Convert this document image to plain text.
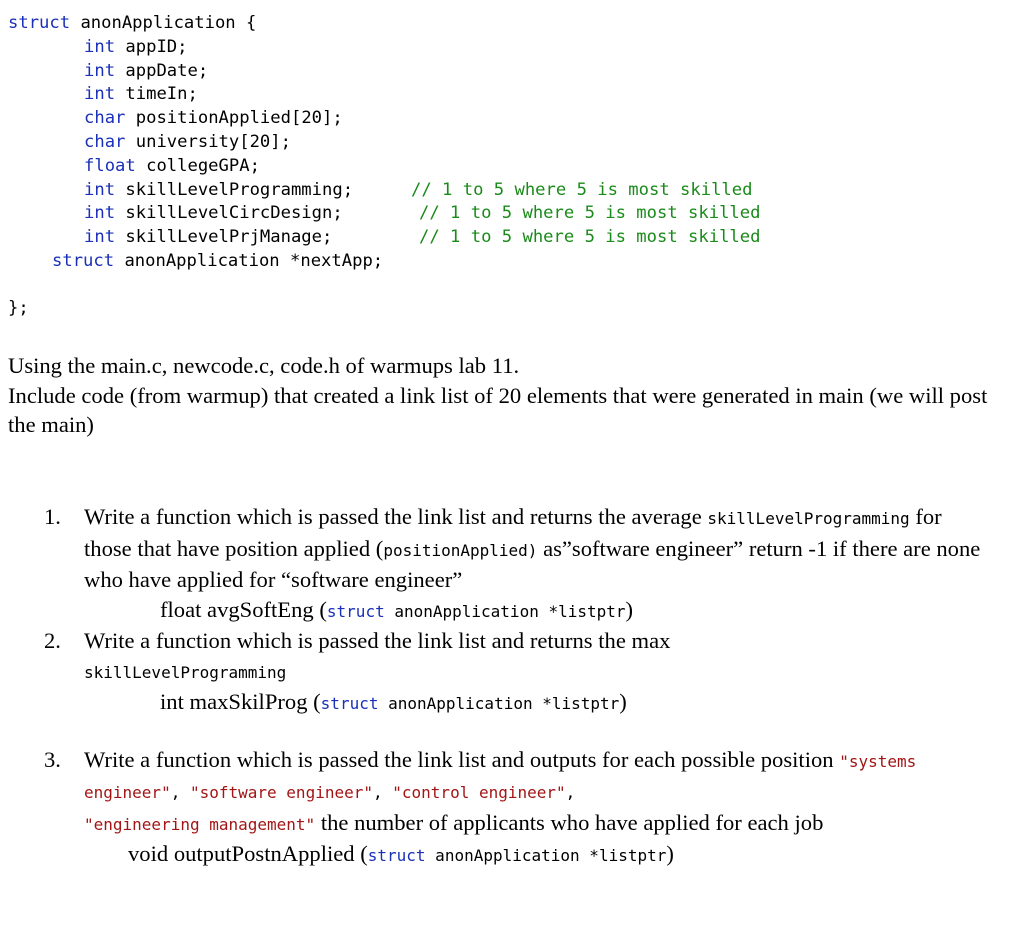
struct anonApplication {
int appID;
int appDate;
int timeIn;
char positionApplied[20];
char university[20];
float collegeGPA;
int skillLevelProgramming;	// 1 to 5 where 5 is most skilled
int skillLevelCircDesign;	// 1 to 5 where 5 is most skilled
int skillLevelPrjManage;	// 1 to 5 where 5 is most skilled
struct anonApplication *nextApp;
};

Using the main.c, newcode.c, code.h of warmups lab 11.

Include code (from warmup) that created a link list of 20 elements that were generated in main (we will post the main)

1. Write a function which is passed the link list and returns the average skillLevelProgramming for those that have position applied (positionApplied) as”software engineer” return -1 if there are none who have applied for “software engineer”
float avgSoftEng (struct anonApplication *listptr)
2. Write a function which is passed the link list and returns the max
skillLevelProgramming
int maxSkilProg (struct anonApplication *listptr)
3. Write a function which is passed the link list and outputs for each possible position "systems engineer", "software engineer", "control engineer",
"engineering management" the number of applicants who have applied for each job
void outputPostnApplied (struct anonApplication *listptr)
